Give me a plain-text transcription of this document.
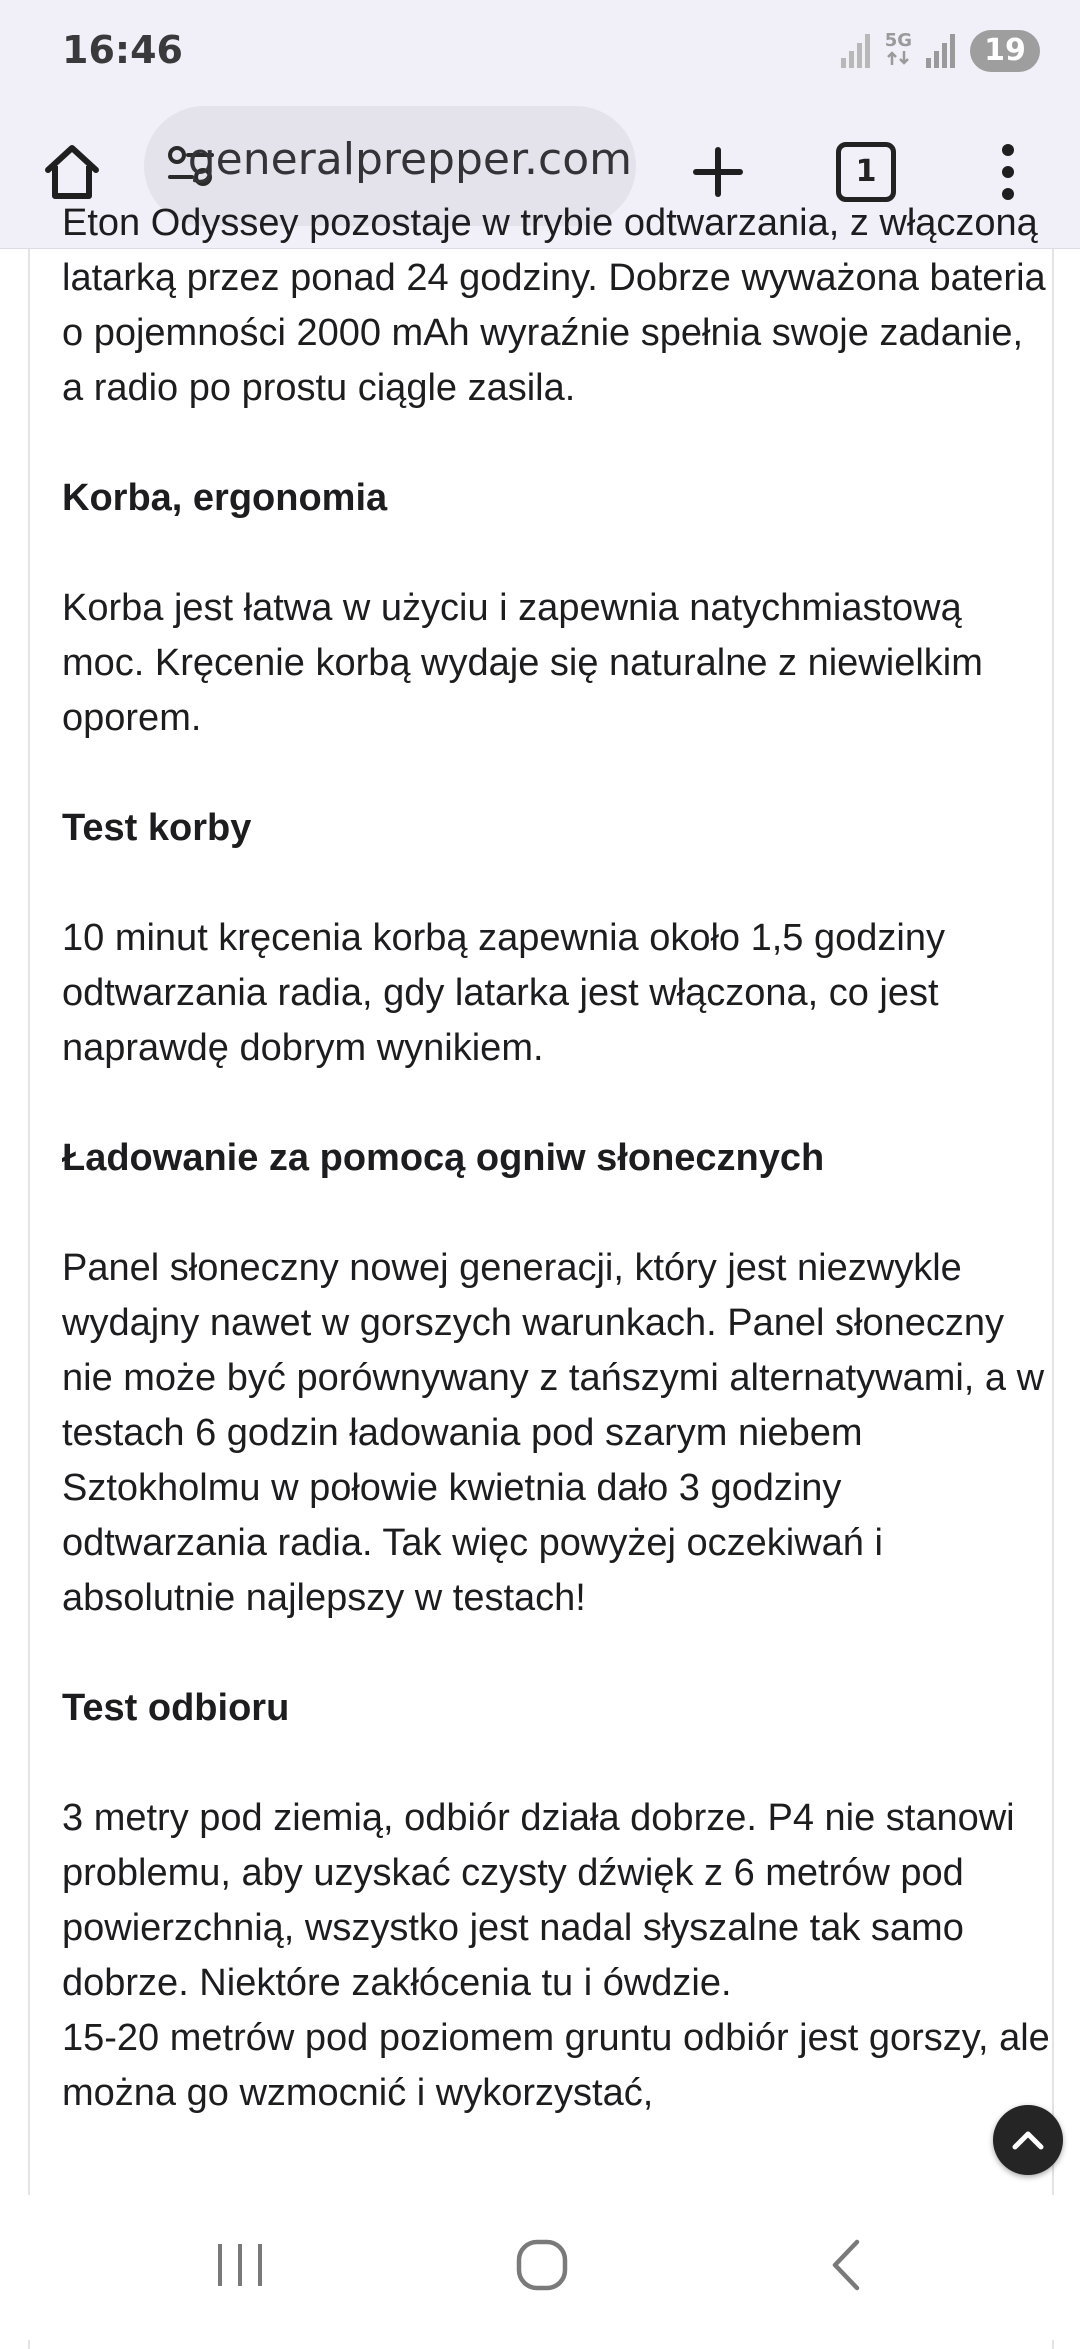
16:46	5G	19
generalprepper.com	1

Eton Odyssey pozostaje w trybie odtwarzania, z włączoną latarką przez ponad 24 godziny. Dobrze wyważona bateria o pojemności 2000 mAh wyraźnie spełnia swoje zadanie, a radio po prostu ciągle zasila.

Korba, ergonomia

Korba jest łatwa w użyciu i zapewnia natychmiastową moc. Kręcenie korbą wydaje się naturalne z niewielkim oporem.

Test korby

10 minut kręcenia korbą zapewnia około 1,5 godziny odtwarzania radia, gdy latarka jest włączona, co jest naprawdę dobrym wynikiem.

Ładowanie za pomocą ogniw słonecznych

Panel słoneczny nowej generacji, który jest niezwykle wydajny nawet w gorszych warunkach. Panel słoneczny nie może być porównywany z tańszymi alternatywami, a w testach 6 godzin ładowania pod szarym niebem Sztokholmu w połowie kwietnia dało 3 godziny odtwarzania radia. Tak więc powyżej oczekiwań i absolutnie najlepszy w testach!

Test odbioru

3 metry pod ziemią, odbiór działa dobrze. P4 nie stanowi problemu, aby uzyskać czysty dźwięk z 6 metrów pod powierzchnią, wszystko jest nadal słyszalne tak samo dobrze. Niektóre zakłócenia tu i ówdzie.

15-20 metrów pod poziomem gruntu odbiór jest gorszy, ale można go wzmocnić i wykorzystać,
